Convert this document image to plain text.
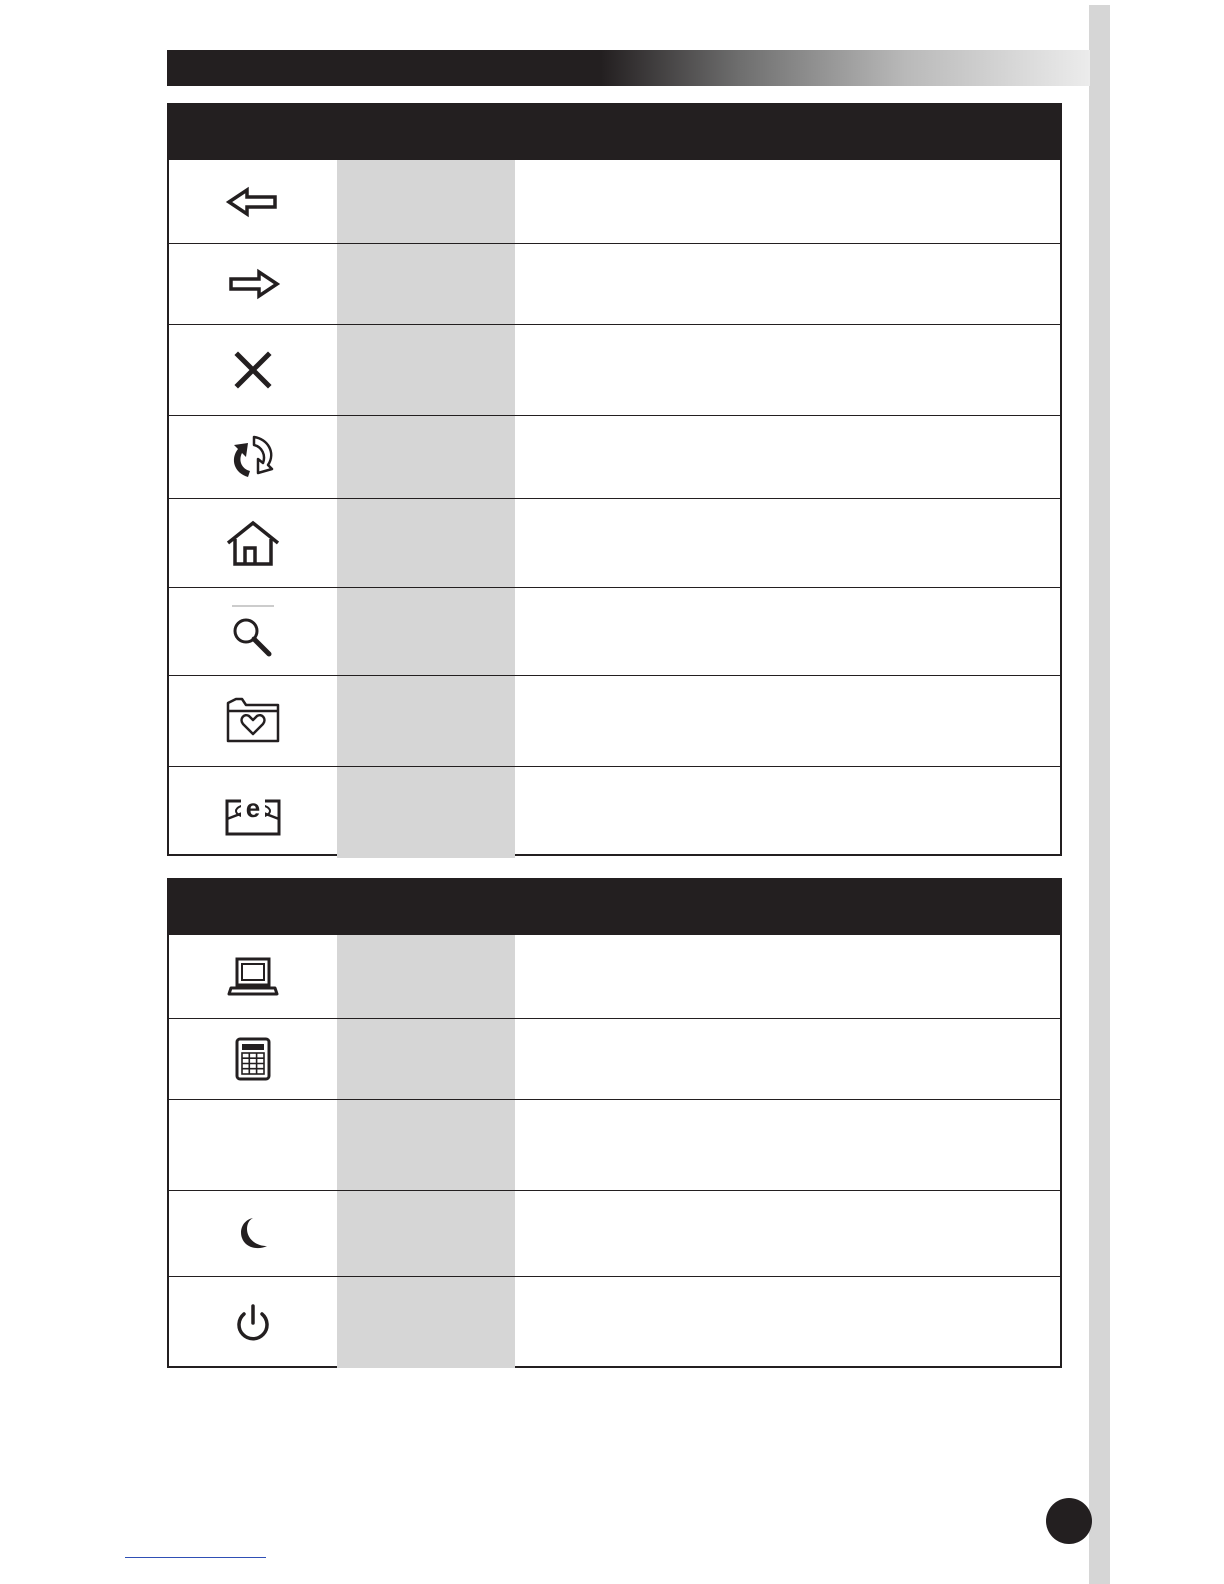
e
